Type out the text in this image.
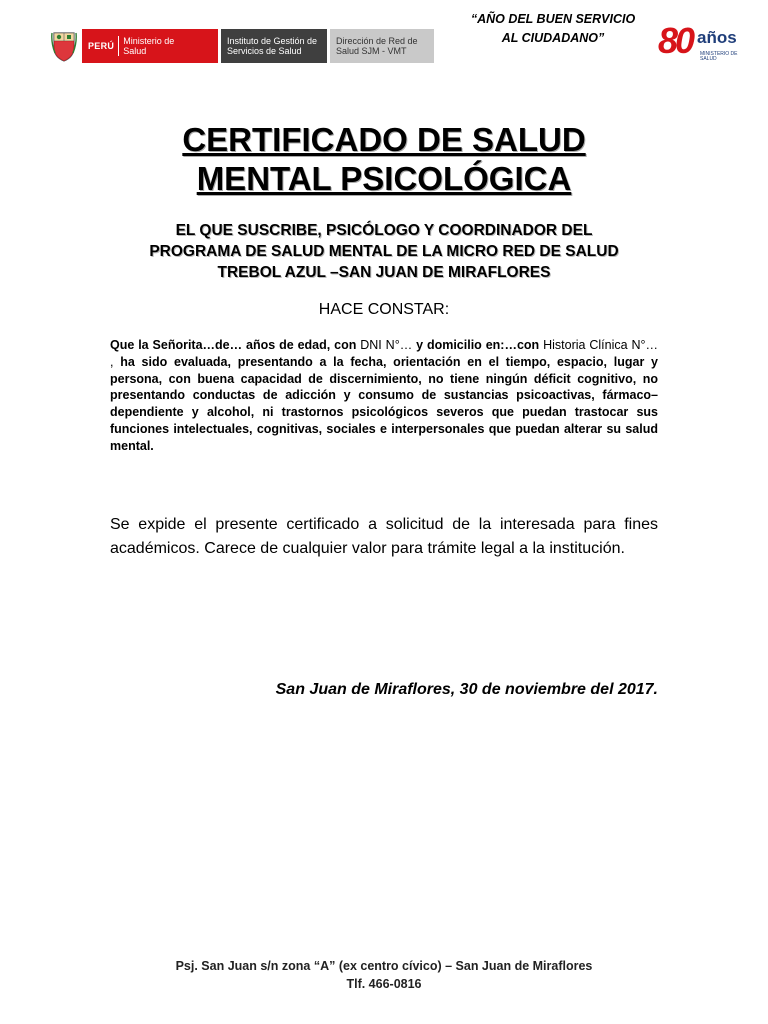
PERÚ	Ministerio de Salud
Instituto de Gestión de Servicios de Salud
Dirección de Red de Salud SJM - VMT
“AÑO DEL BUEN SERVICIO
AL CIUDADANO”	80 años
MINISTERIO DE SALUD
CERTIFICADO DE SALUD
MENTAL PSICOLÓGICA
EL QUE SUSCRIBE, PSICÓLOGO Y COORDINADOR DEL
PROGRAMA DE SALUD MENTAL DE LA MICRO RED DE SALUD
TREBOL AZUL –SAN JUAN DE MIRAFLORES
HACE CONSTAR:
Que la Señorita…de… años de edad, con DNI N°… y domicilio en:…con Historia Clínica N°… , ha sido evaluada, presentando a la fecha, orientación en el tiempo, espacio, lugar y persona, con buena capacidad de discernimiento, no tiene ningún déficit cognitivo, no presentando conductas de adicción y consumo de sustancias psicoactivas, fármaco–dependiente y alcohol, ni trastornos psicológicos severos que puedan trastocar sus funciones intelectuales, cognitivas, sociales e interpersonales que puedan alterar su salud mental.
Se expide el presente certificado a solicitud de la interesada para fines académicos. Carece de cualquier valor para trámite legal a la institución.
San Juan de Miraflores, 30 de noviembre del 2017.
Psj. San Juan s/n zona “A” (ex centro cívico) – San Juan de Miraflores
Tlf. 466-0816
